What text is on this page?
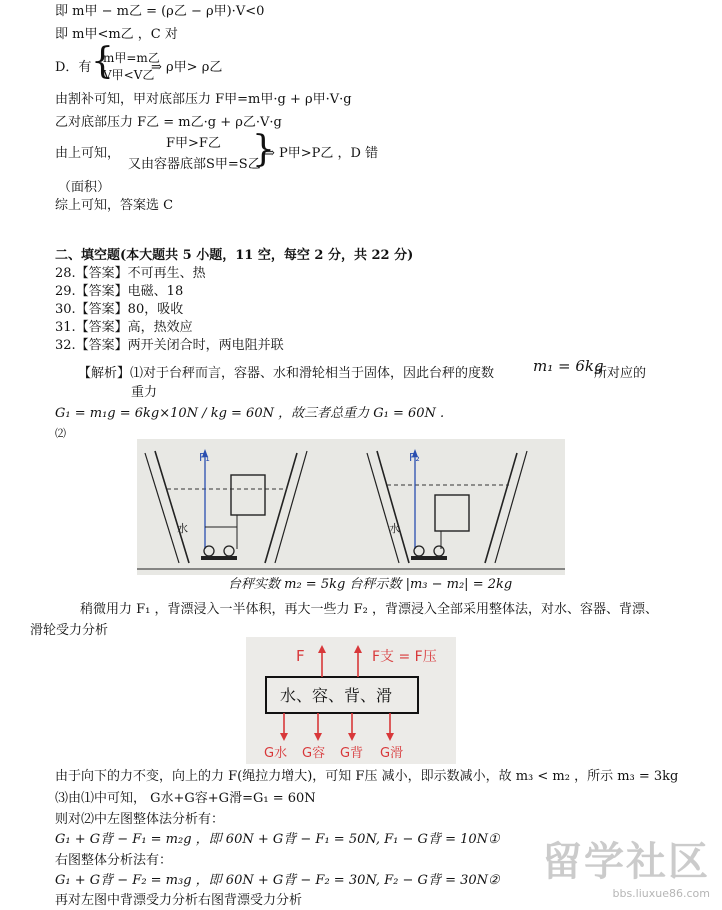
即 m甲 − m乙 = (ρ乙 − ρ甲)·V<0
即 m甲<m乙 ，C 对
D．有 {
m甲=m乙
V甲<V乙
⇒ ρ甲> ρ乙
由割补可知，甲对底部压力 F甲=m甲·g + ρ甲·V·g
乙对底部压力 F乙 = m乙·g + ρ乙·V·g
由上可知，
F甲>F乙
又由容器底部S甲=S乙
}
⇒ P甲>P乙 ，D 错
（面积）
综上可知，答案选 C
二、填空题(本大题共 5 小题，11 空，每空 2 分，共 22 分)
28.【答案】不可再生、热
29.【答案】电磁、18
30.【答案】80，吸收
31.【答案】高，热效应
32.【答案】两开关闭合时，两电阻并联
【解析】⑴对于台秤而言，容器、水和滑轮相当于固体，因此台秤的度数	m₁ = 6kg
所对应的
重力
G₁ = m₁g = 6kg×10N / kg = 60N ，故三者总重力 G₁ = 60N .
⑵
F₁	F₂
水	水
台秤实数 m₂ = 5kg 台秤示数 |m₃ − m₂| = 2kg
稍微用力 F₁ ，背漂浸入一半体积，再大一些力 F₂ ，背漂浸入全部采用整体法，对水、容器、背漂、
滑轮受力分析
F	F支 = F压
水、容、背、滑
G水 G容 G背 G滑
由于向下的力不变，向上的力 F(绳拉力增大)，可知 F压 减小，即示数减小，故 m₃ < m₂ ，所示 m₃ = 3kg
⑶由⑴中可知， G水+G容+G滑=G₁ = 60N
则对⑵中左图整体法分析有：
G₁ + G背 − F₁ = m₂g ，即 60N + G背 − F₁ = 50N, F₁ − G背 = 10N①
右图整体分析法有：
G₁ + G背 − F₂ = m₃g ，即 60N + G背 − F₂ = 30N, F₂ − G背 = 30N②
再对左图中背漂受力分析右图背漂受力分析
留学社区
bbs.liuxue86.com
